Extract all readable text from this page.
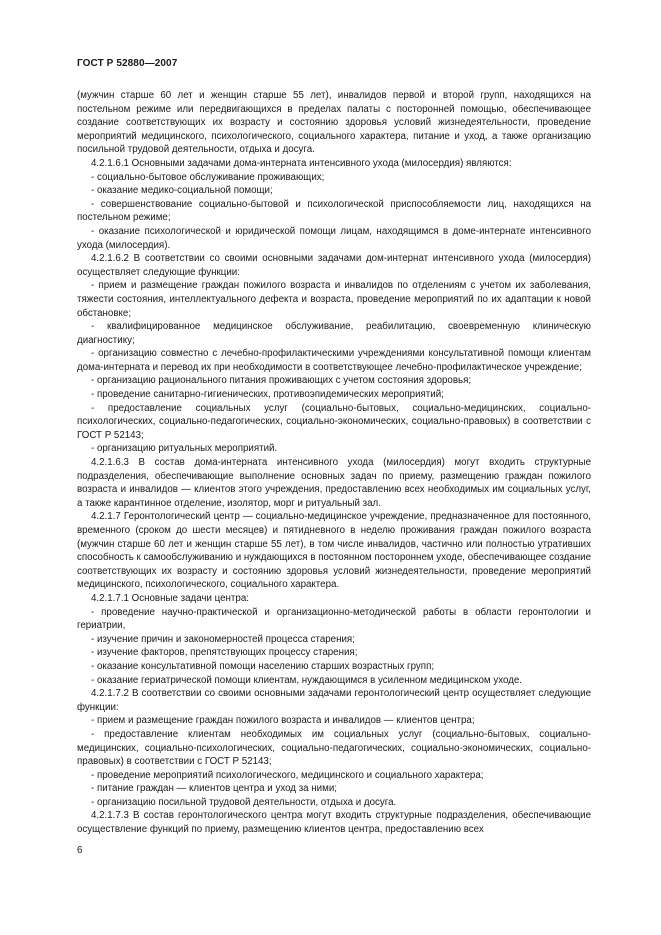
ГОСТ Р 52880—2007

(мужчин старше 60 лет и женщин старше 55 лет), инвалидов первой и второй групп, находящихся на постельном режиме или передвигающихся в пределах палаты с посторонней помощью, обеспечивающее создание соответствующих их возрасту и состоянию здоровья условий жизнедеятельности, проведение мероприятий медицинского, психологического, социального характера, питание и уход, а также организацию посильной трудовой деятельности, отдыха и досуга.

4.2.1.6.1 Основными задачами дома-интерната интенсивного ухода (милосердия) являются:

- социально-бытовое обслуживание проживающих;

- оказание медико-социальной помощи;

- совершенствование социально-бытовой и психологической приспособляемости лиц, находящихся на постельном режиме;

- оказание психологической и юридической помощи лицам, находящимся в доме-интернате интенсивного ухода (милосердия).

4.2.1.6.2 В соответствии со своими основными задачами дом-интернат интенсивного ухода (милосердия) осуществляет следующие функции:

- прием и размещение граждан пожилого возраста и инвалидов по отделениям с учетом их заболевания, тяжести состояния, интеллектуального дефекта и возраста, проведение мероприятий по их адаптации к новой обстановке;

- квалифицированное медицинское обслуживание, реабилитацию, своевременную клиническую диагностику;

- организацию совместно с лечебно-профилактическими учреждениями консультативной помощи клиентам дома-интерната и перевод их при необходимости в соответствующее лечебно-профилактическое учреждение;

- организацию рационального питания проживающих с учетом состояния здоровья;

- проведение санитарно-гигиенических, противоэпидемических мероприятий;

- предоставление социальных услуг (социально-бытовых, социально-медицинских, социально-психологических, социально-педагогических, социально-экономических, социально-правовых) в соответствии с ГОСТ Р 52143;

- организацию ритуальных мероприятий.

4.2.1.6.3 В состав дома-интерната интенсивного ухода (милосердия) могут входить структурные подразделения, обеспечивающие выполнение основных задач по приему, размещению граждан пожилого возраста и инвалидов — клиентов этого учреждения, предоставлению всех необходимых им социальных услуг, а также карантинное отделение, изолятор, морг и ритуальный зал.

4.2.1.7 Геронтологический центр — социально-медицинское учреждение, предназначенное для постоянного, временного (сроком до шести месяцев) и пятидневного в неделю проживания граждан пожилого возраста (мужчин старше 60 лет и женщин старше 55 лет), в том числе инвалидов, частично или полностью утративших способность к самообслуживанию и нуждающихся в постоянном постороннем уходе, обеспечивающее создание соответствующих их возрасту и состоянию здоровья условий жизнедеятельности, проведение мероприятий медицинского, психологического, социального характера.

4.2.1.7.1 Основные задачи центра:

- проведение научно-практической и организационно-методической работы в области геронтологии и гериатрии,

- изучение причин и закономерностей процесса старения;

- изучение факторов, препятствующих процессу старения;

- оказание консультативной помощи населению старших возрастных групп;

- оказание гериатрической помощи клиентам, нуждающимся в усиленном медицинском уходе.

4.2.1.7.2 В соответствии со своими основными задачами геронтологический центр осуществляет следующие функции:

- прием и размещение граждан пожилого возраста и инвалидов — клиентов центра;

- предоставление клиентам необходимых им социальных услуг (социально-бытовых, социально-медицинских, социально-психологических, социально-педагогических, социально-экономических, социально-правовых) в соответствии с ГОСТ Р 52143;

- проведение мероприятий психологического, медицинского и социального характера;

- питание граждан — клиентов центра и уход за ними;

- организацию посильной трудовой деятельности, отдыха и досуга.

4.2.1.7.3 В состав геронтологического центра могут входить структурные подразделения, обеспечивающие осуществление функций по приему, размещению клиентов центра, предоставлению всех

6
